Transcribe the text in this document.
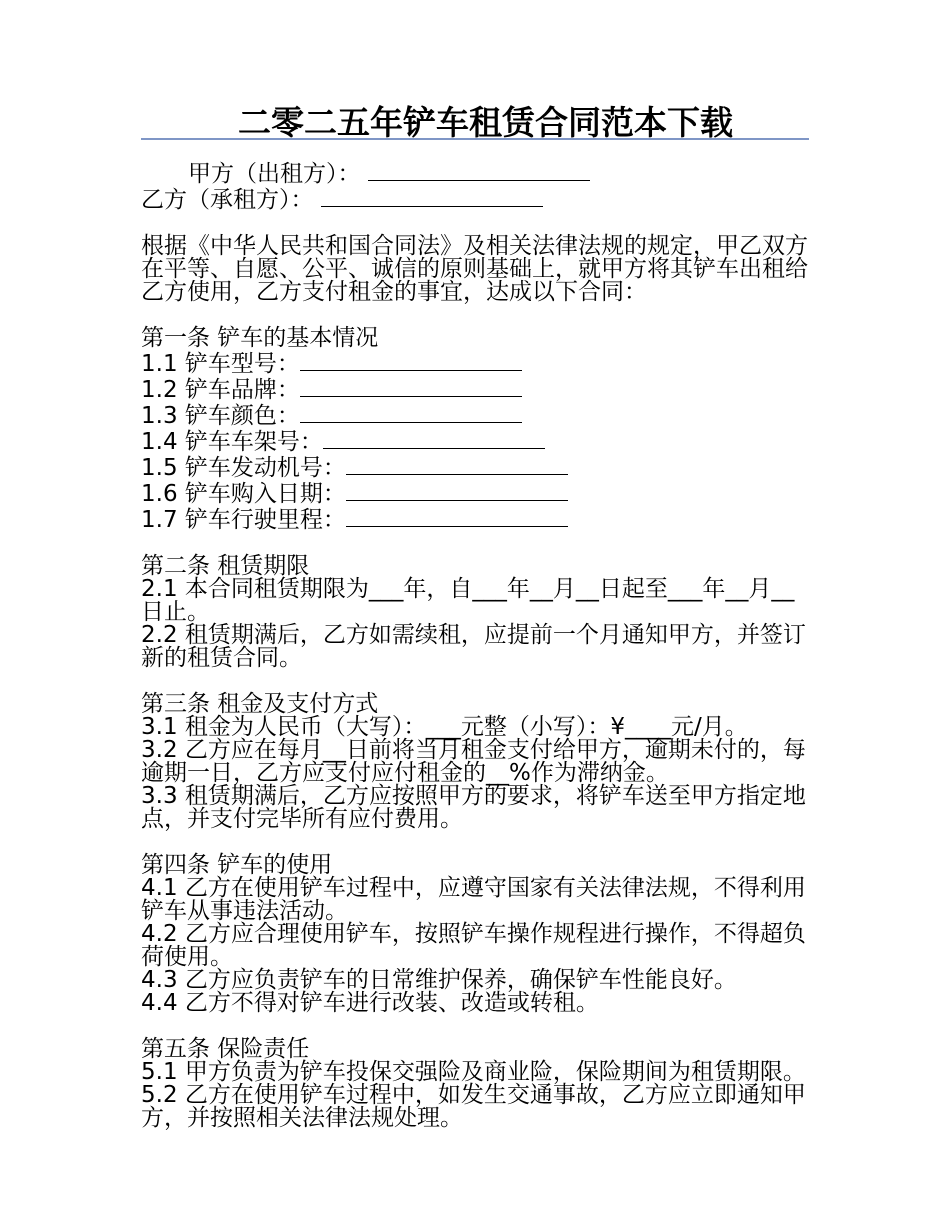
二零二五年铲车租赁合同范本下载
甲方（出租方）：
乙方（承租方）：
根据《中华人民共和国合同法》及相关法律法规的规定，甲乙双方在平等、自愿、公平、诚信的原则基础上，就甲方将其铲车出租给乙方使用，乙方支付租金的事宜，达成以下合同：
第一条 铲车的基本情况
1.1 铲车型号：
1.2 铲车品牌：
1.3 铲车颜色：
1.4 铲车车架号：
1.5 铲车发动机号：
1.6 铲车购入日期：
1.7 铲车行驶里程：
第二条 租赁期限
2.1 本合同租赁期限为___年，自___年__月__日起至___年__月__日止。
2.2 租赁期满后，乙方如需续租，应提前一个月通知甲方，并签订新的租赁合同。
第三条 租金及支付方式
3.1 租金为人民币（大写）：___元整（小写）：¥____元/月。
3.2 乙方应在每月__日前将当月租金支付给甲方，逾期未付的，每逾期一日，乙方应支付应付租金的__%作为滞纳金。
3.3 租赁期满后，乙方应按照甲方的要求，将铲车送至甲方指定地点，并支付完毕所有应付费用。
第四条 铲车的使用
4.1 乙方在使用铲车过程中，应遵守国家有关法律法规，不得利用铲车从事违法活动。
4.2 乙方应合理使用铲车，按照铲车操作规程进行操作，不得超负荷使用。
4.3 乙方应负责铲车的日常维护保养，确保铲车性能良好。
4.4 乙方不得对铲车进行改装、改造或转租。
第五条 保险责任
5.1 甲方负责为铲车投保交强险及商业险，保险期间为租赁期限。
5.2 乙方在使用铲车过程中，如发生交通事故，乙方应立即通知甲方，并按照相关法律法规处理。
